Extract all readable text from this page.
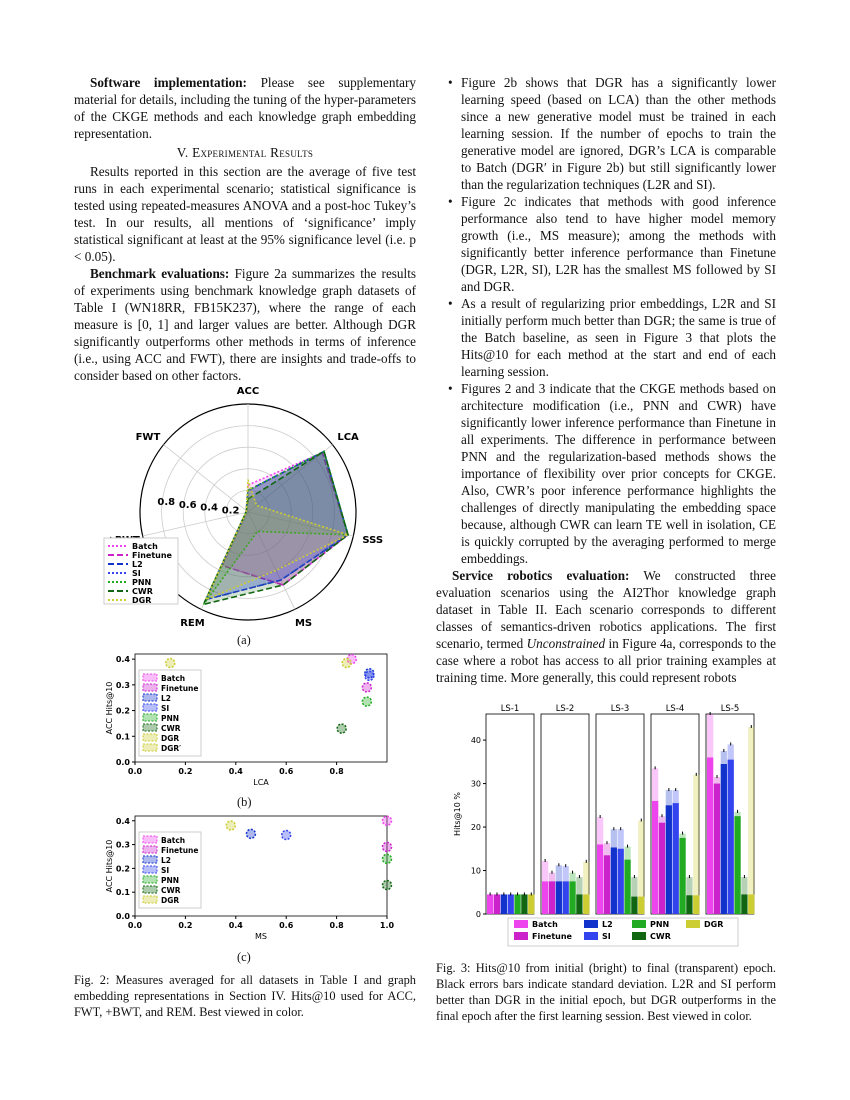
Software implementation: Please see supplementary material for details, including the tuning of the hyper-parameters of the CKGE methods and each knowledge graph embedding representation.

V. Experimental Results

Results reported in this section are the average of five test runs in each experimental scenario; statistical significance is tested using repeated-measures ANOVA and a post-hoc Tukey’s test. In our results, all mentions of ‘significance’ imply statistical significant at least at the 95% significance level (i.e. p < 0.05).

Benchmark evaluations: Figure 2a summarizes the results of experiments using benchmark knowledge graph datasets of Table I (WN18RR, FB15K237), where the range of each measure is [0, 1] and larger values are better. Although DGR significantly outperforms other methods in terms of inference (i.e., using ACC and FWT), there are insights and trade-offs to consider based on other factors.

• Figure 2b shows that DGR has a significantly lower learning speed (based on LCA) than the other methods since a new generative model must be trained in each learning session. If the number of epochs to train the generative model are ignored, DGR’s LCA is comparable to Batch (DGR′ in Figure 2b) but still significantly lower than the regularization techniques (L2R and SI).
• Figure 2c indicates that methods with good inference performance also tend to have higher model memory growth (i.e., MS measure); among the methods with significantly better inference performance than Finetune (DGR, L2R, SI), L2R has the smallest MS followed by SI and DGR.
• As a result of regularizing prior embeddings, L2R and SI initially perform much better than DGR; the same is true of the Batch baseline, as seen in Figure 3 that plots the Hits@10 for each method at the start and end of each learning session.
• Figures 2 and 3 indicate that the CKGE methods based on architecture modification (i.e., PNN and CWR) have significantly lower inference performance than Finetune in all experiments. The difference in performance between PNN and the regularization-based methods shows the importance of flexibility over prior concepts for CKGE. Also, CWR’s poor inference performance highlights the challenges of directly manipulating the embedding space because, although CWR can learn TE well in isolation, CE is quickly corrupted by the averaging performed to merge embeddings.

Service robotics evaluation: We constructed three evaluation scenarios using the AI2Thor knowledge graph dataset in Table II. Each scenario corresponds to different classes of semantics-driven robotics applications. The first scenario, termed Unconstrained in Figure 4a, corresponds to the case where a robot has access to all prior training examples at training time. More generally, this could represent robots

ACC
LCA
SSS
MS
REM
FWT
0.8 0.6 0.4 0.2
Batch
Finetune
L2
SI
PNN
CWR
DGR
(a)
0.0	0.2	0.4	0.6	0.8
0.0
0.1
0.2
0.3
0.4
LCA
ACC Hits@10
Batch
Finetune
L2
SI
PNN
CWR
DGR
DGR′
(b)
0.0	0.2	0.4	0.6	0.8	1.0
0.0
0.1
0.2
0.3
0.4
MS
ACC Hits@10	Batch
Finetune
L2
SI
PNN
CWR
DGR
(c)
Fig. 2: Measures averaged for all datasets in Table I and graph embedding representations in Section IV. Hits@10 used for ACC, FWT, +BWT, and REM. Best viewed in color.
0
10
20
30
40
Hits@10 %
LS-1	LS-2	LS-3	LS-4	LS-5
Batch
Finetune
L2
SI
PNN
CWR
DGR
Fig. 3: Hits@10 from initial (bright) to final (transparent) epoch. Black errors bars indicate standard deviation. L2R and SI perform better than DGR in the initial epoch, but DGR outperforms in the final epoch after the first learning session. Best viewed in color.
